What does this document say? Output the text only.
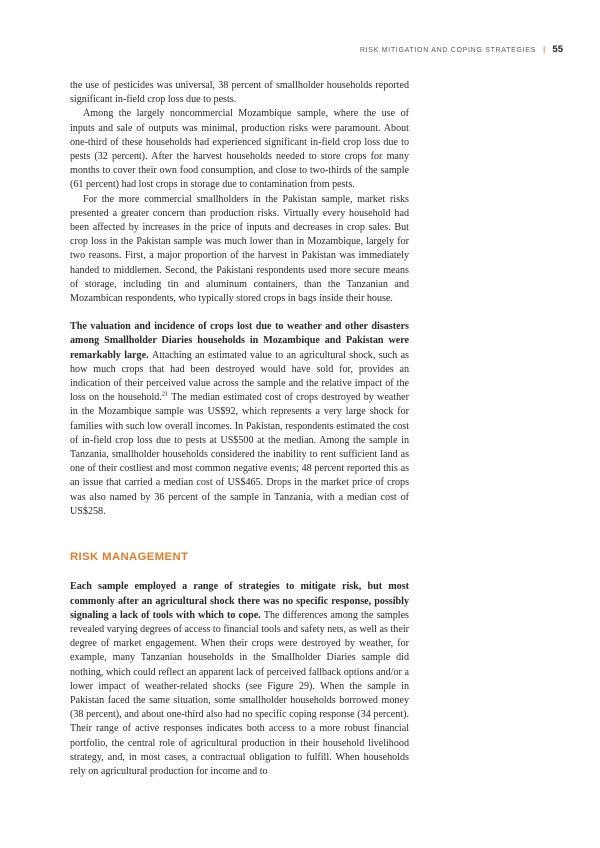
RISK MITIGATION AND COPING STRATEGIES | 55

the use of pesticides was universal, 38 percent of smallholder households reported significant in-field crop loss due to pests.

Among the largely noncommercial Mozambique sample, where the use of inputs and sale of outputs was minimal, production risks were paramount. About one-third of these households had experienced significant in-field crop loss due to pests (32 percent). After the harvest households needed to store crops for many months to cover their own food consumption, and close to two-thirds of the sample (61 percent) had lost crops in storage due to contamination from pests.

For the more commercial smallholders in the Pakistan sample, market risks presented a greater concern than production risks. Virtually every household had been affected by increases in the price of inputs and decreases in crop sales. But crop loss in the Pakistan sample was much lower than in Mozambique, largely for two reasons. First, a major proportion of the harvest in Pakistan was immediately handed to middlemen. Second, the Pakistani respondents used more secure means of storage, including tin and aluminum containers, than the Tanzanian and Mozambican respondents, who typically stored crops in bags inside their house.

The valuation and incidence of crops lost due to weather and other disasters among Smallholder Diaries households in Mozambique and Pakistan were remarkably large. Attaching an estimated value to an agricultural shock, such as how much crops that had been destroyed would have sold for, provides an indication of their perceived value across the sample and the relative impact of the loss on the household.$^{21}$ The median estimated cost of crops destroyed by weather in the Mozambique sample was US$92, which represents a very large shock for families with such low overall incomes. In Pakistan, respondents estimated the cost of in-field crop loss due to pests at US$500 at the median. Among the sample in Tanzania, smallholder households considered the inability to rent sufficient land as one of their costliest and most common negative events; 48 percent reported this as an issue that carried a median cost of US$465. Drops in the market price of crops was also named by 36 percent of the sample in Tanzania, with a median cost of US$258.

RISK MANAGEMENT

Each sample employed a range of strategies to mitigate risk, but most commonly after an agricultural shock there was no specific response, possibly signaling a lack of tools with which to cope. The differences among the samples revealed varying degrees of access to financial tools and safety nets, as well as their degree of market engagement. When their crops were destroyed by weather, for example, many Tanzanian households in the Smallholder Diaries sample did nothing, which could reflect an apparent lack of perceived fallback options and/or a lower impact of weather-related shocks (see Figure 29). When the sample in Pakistan faced the same situation, some smallholder households borrowed money (38 percent), and about one-third also had no specific coping response (34 percent). Their range of active responses indicates both access to a more robust financial portfolio, the central role of agricultural production in their household livelihood strategy, and, in most cases, a contractual obligation to fulfill. When households rely on agricultural production for income and to
